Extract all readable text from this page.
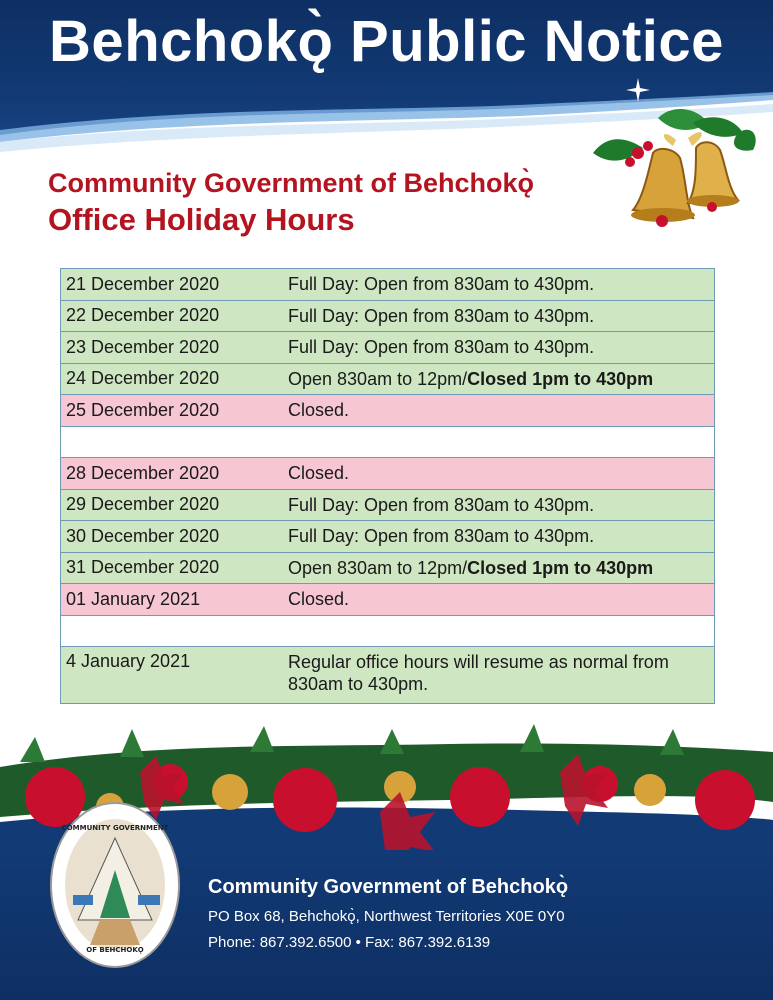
Behchokǫ̀ Public Notice
Community Government of Behchokǫ̀
Office Holiday Hours
21 December 2020	Full Day: Open from 830am to 430pm.
22 December 2020	Full Day: Open from 830am to 430pm.
23 December 2020	Full Day: Open from 830am to 430pm.
24 December 2020	Open 830am to 12pm/Closed 1pm to 430pm
25 December 2020	Closed.
28 December 2020	Closed.
29 December 2020	Full Day: Open from 830am to 430pm.
30 December 2020	Full Day: Open from 830am to 430pm.
31 December 2020	Open 830am to 12pm/Closed 1pm to 430pm
01 January 2021	Closed.
4 January 2021	Regular office hours will resume as normal from 830am to 430pm.
COMMUNITY GOVERNMENT
OF BEHCHOKǪ̀
Community Government of Behchokǫ̀
PO Box 68, Behchokǫ̀, Northwest Territories X0E 0Y0
Phone: 867.392.6500 • Fax: 867.392.6139
